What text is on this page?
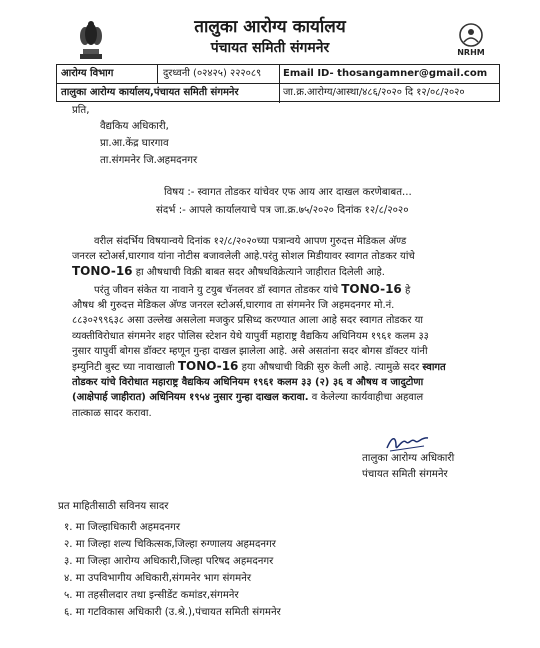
NRHM
तालुका आरोग्य कार्यालय
पंचायत समिती संगमनेर
आरोग्य विभाग	दुरध्वनी (०२४२५) २२२०८९ Email ID- thosangamner@gmail.com
तालुका आरोग्य कार्यालय,पंचायत समिती संगमनेर	जा.क्र.आरोग्य/आस्था/४८६/२०२० दि १२/०८/२०२०
प्रति,
वैद्यकिय अधिकारी,
प्रा.आ.केंद्र घारगाव
ता.संगमनेर जि.अहमदनगर
विषय :- स्वागत तोडकर यांचेवर एफ आय आर दाखल करणेबाबत...
संदर्भ :- आपले कार्यालयाचे पत्र जा.क्र.७५/२०२० दिनांक १२/८/२०२०
वरील संदर्भिय विषयान्वये दिनांक १२/८/२०२०च्या पत्रान्वये आपण गुरुदत्त मेडिकल अ‍ॅण्ड
जनरल स्टोअर्स,घारगाव यांना नोटीस बजावलेली आहे.परंतु सोशल मिडीयावर स्वागत तोडकर यांचे
TONO-16 हा औषधाची विक्री बाबत सदर औषधविक्रेत्याने जाहीरात दिलेली आहे.
परंतु जीवन संकेत या नावाने यु टयुब चॅनलवर डॉ स्वागत तोडकर यांचे TONO-16 हे
औषध श्री गुरुदत्त मेडिकल अ‍ॅण्ड जनरल स्टोअर्स,घारगाव ता संगमनेर जि अहमदनगर मो.नं.
८८३०२९९६३८ असा उल्लेख असलेला मजकुर प्रसिध्द करण्यात आला आहे सदर स्वागत तोडकर या
व्यक्तीविरोधात संगमनेर शहर पोलिस स्टेशन येथे यापुर्वी महाराष्ट्र वैद्यकिय अधिनियम १९६१ कलम ३३
नुसार यापुर्वी बोगस डॉक्टर म्हणून गुन्हा दाखल झालेला आहे. असे असतांना सदर बोगस डॉक्टर यांनी
इम्युनिटी बुस्ट च्या नावाखाली TONO-16 हया औषधाची विक्री सुरु केली आहे. त्यामुळे सदर स्वागत
तोडकर यांचे विरोधात महाराष्ट्र वैद्यकिय अधिनियम १९६१ कलम ३३ (२) ३६ व औषध व जादुटोणा
(आक्षेपार्ह जाहीरात) अधिनियम १९५४ नुसार गुन्हा दाखल करावा. व केलेल्या कार्यवाहीचा अहवाल
तात्काळ सादर करावा.
तालुका आरोग्य अधिकारी
पंचायत समिती संगमनेर
प्रत माहितीसाठी सविनय सादर
१. मा जिल्हाधिकारी अहमदनगर
२. मा जिल्हा शल्य चिकित्सक,जिल्हा रुग्णालय अहमदनगर
३. मा जिल्हा आरोग्य अधिकारी,जिल्हा परिषद अहमदनगर
४. मा उपविभागीय अधिकारी,संगमनेर भाग संगमनेर
५. मा तहसीलदार तथा इन्सीडेंट कमांडर,संगमनेर
६. मा गटविकास अधिकारी (उ.श्रे.),पंचायत समिती संगमनेर
